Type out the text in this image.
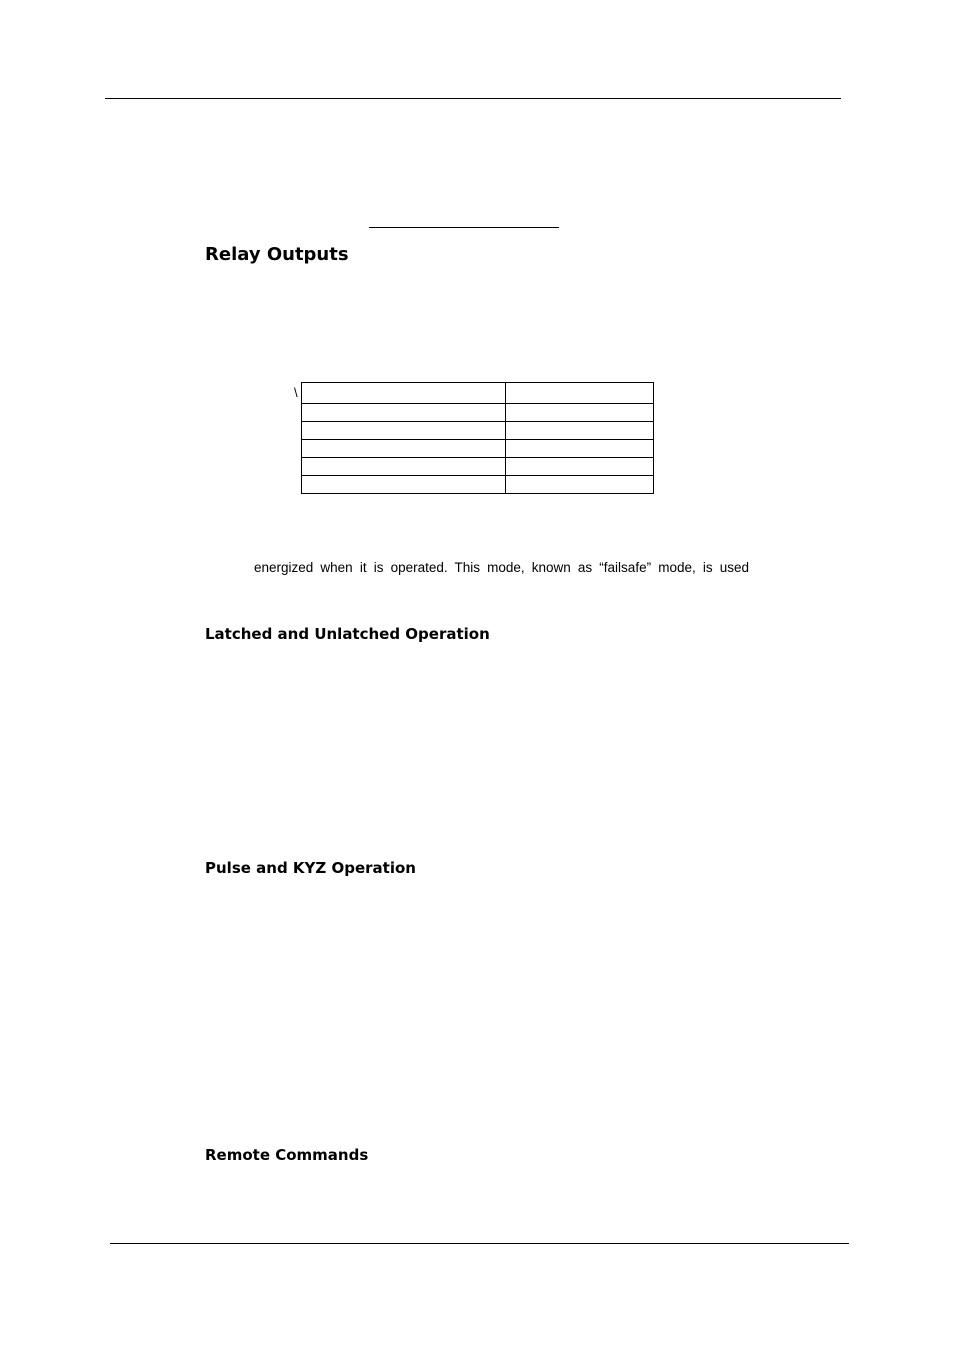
Relay Outputs
\

energized when it is operated. This mode, known as “failsafe” mode, is used

Latched and Unlatched Operation
Pulse and KYZ Operation
Remote Commands
